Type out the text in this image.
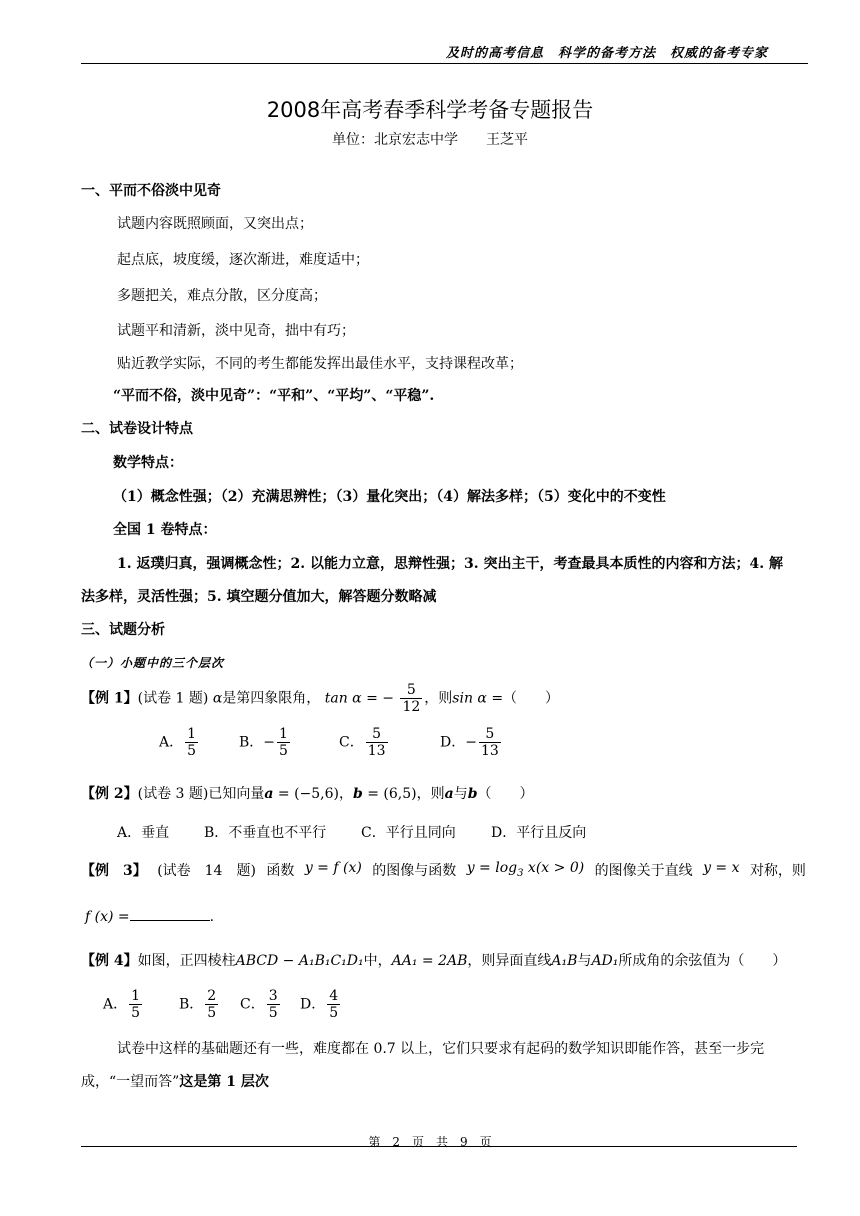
及时的高考信息　科学的备考方法　权威的备考专家
2008年高考春季科学考备专题报告
单位：北京宏志中学　　王芝平
一、平而不俗淡中见奇
试题内容既照顾面，又突出点；
起点底，坡度缓，逐次渐进，难度适中；
多题把关，难点分散，区分度高；
试题平和清新，淡中见奇，拙中有巧；
贴近教学实际，不同的考生都能发挥出最佳水平，支持课程改革；
“平而不俗，淡中见奇”：“平和”、“平均”、“平稳”.
二、试卷设计特点
数学特点：
（1）概念性强；（2）充满思辨性；（3）量化突出；（4）解法多样；（5）变化中的不变性
全国 1 卷特点：
1. 返璞归真，强调概念性；2. 以能力立意，思辩性强；3. 突出主干，考查最具本质性的内容和方法；4. 解
法多样，灵活性强；5. 填空题分值加大，解答题分数略减
三、试题分析
（一）小题中的三个层次
【例 1】(试卷 1 题) α是第四象限角， tan α = − $\frac{5}{12}$ ，则sin α =（　　）
A． $\frac{1}{5}$	B．− $\frac{1}{5}$	C． $\frac{5}{13}$	D．− $\frac{5}{13}$
【例 2】(试卷 3 题)已知向量a = (−5,6)，b = (6,5)，则a与b（　　）
A．垂直 B．不垂直也不平行 C．平行且同向	D．平行且反向
【例　3】 (试卷　14　题) 函数 y = f (x) 的图像与函数 $y = \log_3 x(x > 0)$ 的图像关于直线 y = x 对称，则
f (x) =	.
【例 4】如图，正四棱柱ABCD − A₁B₁C₁D₁中，AA₁ = 2AB，则异面直线A₁B与AD₁所成角的余弦值为（　　）
A． $\frac{1}{5}$	B． $\frac{2}{5}$ C． $\frac{3}{5}$ D． $\frac{4}{5}$
试卷中这样的基础题还有一些，难度都在 0.7 以上，它们只要求有起码的数学知识即能作答，甚至一步完
成，“一望而答”这是第 1 层次
第　2　页　共　9　页
